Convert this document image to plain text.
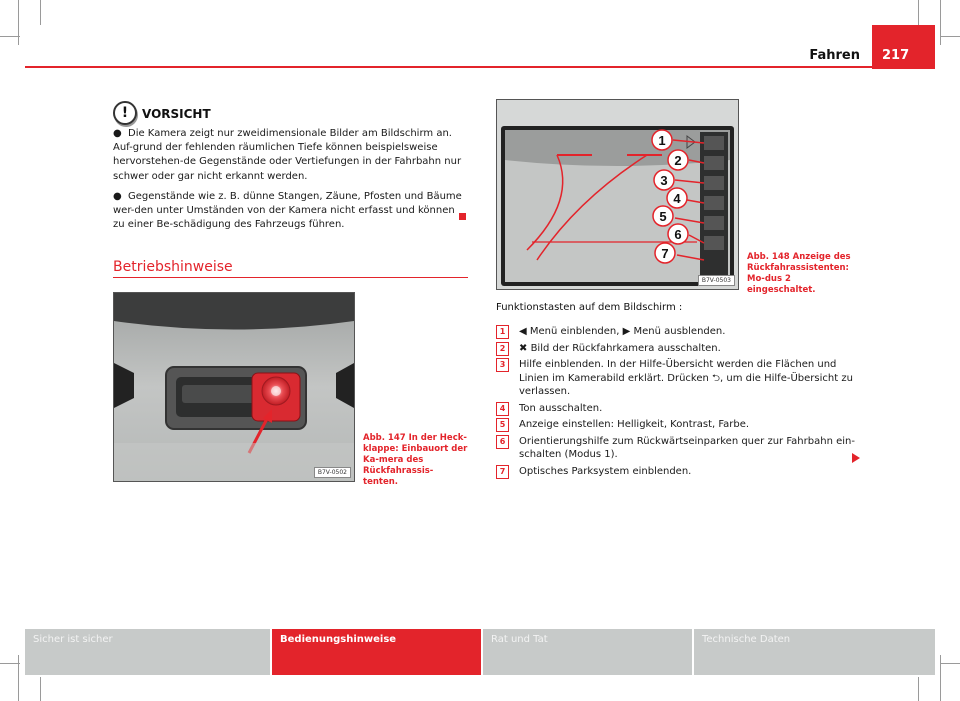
Fahren	217
!	VORSICHT

● Die Kamera zeigt nur zweidimensionale Bilder am Bildschirm an. Auf-grund der fehlenden räumlichen Tiefe können beispielsweise hervorstehen-de Gegenstände oder Vertiefungen in der Fahrbahn nur schwer oder gar nicht erkannt werden.

● Gegenstände wie z. B. dünne Stangen, Zäune, Pfosten und Bäume wer-den unter Umständen von der Kamera nicht erfasst und können zu einer Be-schädigung des Fahrzeugs führen.

Betriebshinweise
B7V-0502
Abb. 147 In der Heck-klappe: Einbauort der Ka-mera des Rückfahrassis-tenten.
1
2
3
4
5
6
7
B7V-0503
Abb. 148 Anzeige des Rückfahrassistenten: Mo-dus 2 eingeschaltet.
Funktionstasten auf dem Bildschirm :
1	◀ Menü einblenden, ▶ Menü ausblenden.
2	✖ Bild der Rückfahrkamera ausschalten.
3	Hilfe einblenden. In der Hilfe-Übersicht werden die Flächen und Linien im Kamerabild erklärt. Drücken ⮌, um die Hilfe-Übersicht zu verlassen.
4	Ton ausschalten.
5	Anzeige einstellen: Helligkeit, Kontrast, Farbe.
6	Orientierungshilfe zum Rückwärtseinparken quer zur Fahrbahn ein-schalten (Modus 1).
7	Optisches Parksystem einblenden.
Sicher ist sicher	Bedienungshinweise	Rat und Tat	Technische Daten
